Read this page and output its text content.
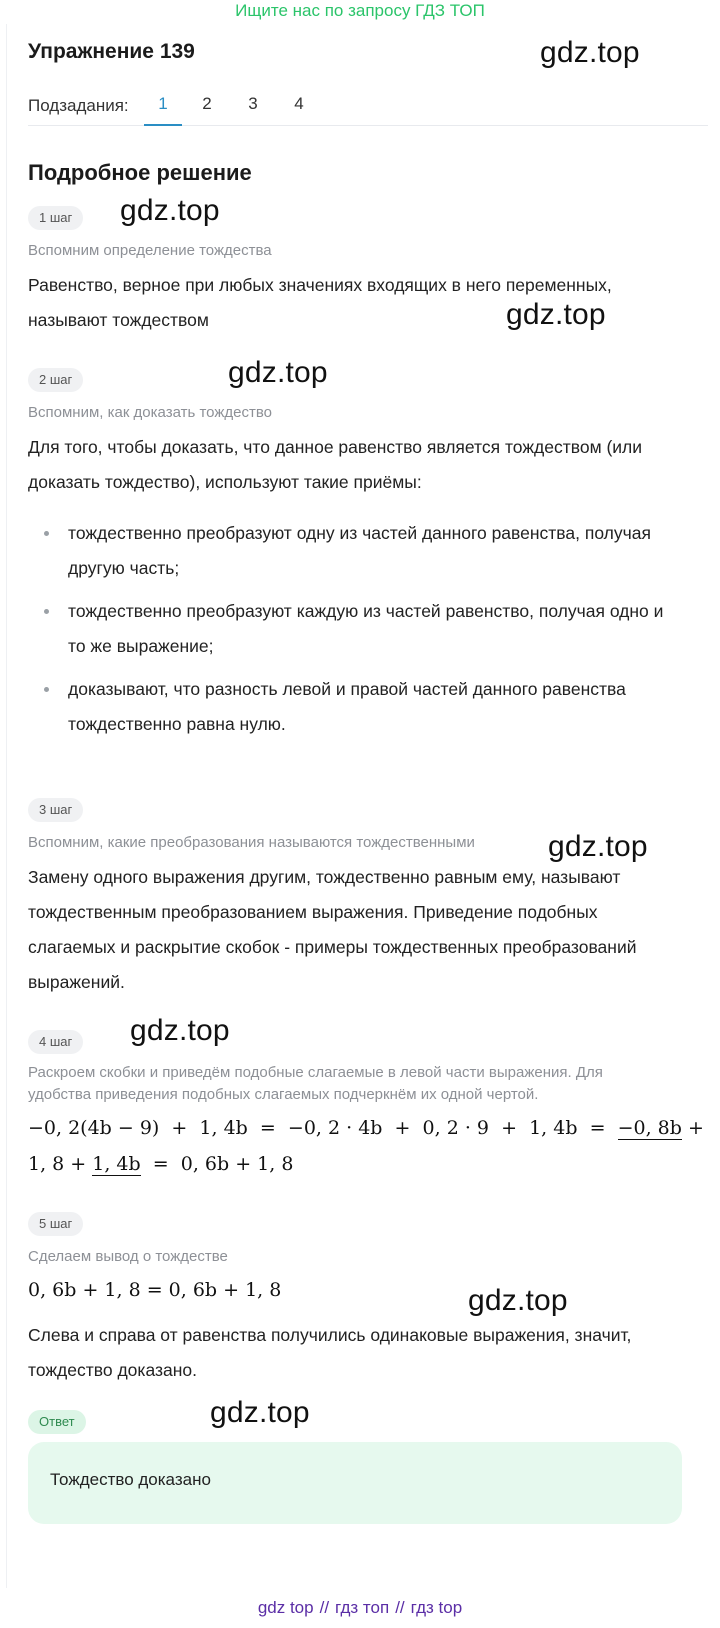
Ищите нас по запросу ГДЗ ТОП
Упражнение 139	gdz.top
Подзадания:	1	2	3	4
Подробное решение
1 шаг	gdz.top
Вспомним определение тождества
Равенство, верное при любых значениях входящих в него переменных,
называют тождеством	gdz.top
2 шаг	gdz.top
Вспомним, как доказать тождество
Для того, чтобы доказать, что данное равенство является тождеством (или
доказать тождество), используют такие приёмы:
тождественно преобразуют одну из частей данного равенства, получая
другую часть;
тождественно преобразуют каждую из частей равенство, получая одно и
то же выражение;
доказывают, что разность левой и правой частей данного равенства
тождественно равна нулю.
3 шаг
Вспомним, какие преобразования называются тождественными gdz.top
Замену одного выражения другим, тождественно равным ему, называют
тождественным преобразованием выражения. Приведение подобных
слагаемых и раскрытие скобок - примеры тождественных преобразований
выражений.
4 шаг	gdz.top
Раскроем скобки и приведём подобные слагаемые в левой части выражения. Для
удобства приведения подобных слагаемых подчеркнём их одной чертой.
−0, 2(4b − 9)  +  1, 4b  =  −0, 2 · 4b  +  0, 2 · 9  +  1, 4b  =  −0, 8b +
1, 8 + 1, 4b  =  0, 6b + 1, 8
5 шаг
Сделаем вывод о тождестве
0, 6b + 1, 8 = 0, 6b + 1, 8	gdz.top
Слева и справа от равенства получились одинаковые выражения, значит,
тождество доказано.
Ответ	gdz.top
Тождество доказано
gdz top // гдз топ // гдз top
